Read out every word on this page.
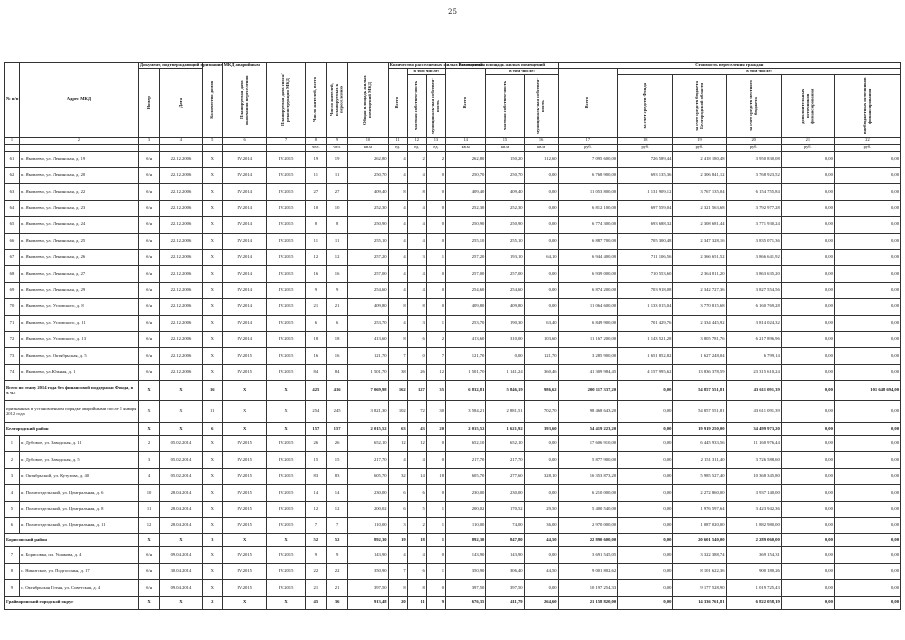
25
№ п/п	Адрес МКД	Документ, подтверждающий признание МКД аварийным		Количество домов	Планируемая дата окончания переселения	Планируемая дата сноса/ реконструкции МКД	Число жителей, всего	Число жителей, планируемых к переселению	Общая площадь жилых помещений МКД	Количество расселяемых жилых помещений			Расселяемая площадь жилых помещений			Стоимость переселения граждан					

		Номер	Дата							Всего	в том числе:		Всего	в том числе:		Всего	в том числе:				

											частная собствен-ность	муниципаль-ная собствен-ность		частная собствен-ность	муниципаль-ная собствен-ность		за счет средств Фонда	за счет средств бюджета Белгородской области	за счет средств местного бюджета	дополнительных источников финансирования	внебюджетных источников финансирования

1	2	3	4	5	6	7	8	9	10	11	12	13	14	15	16	17	18	19	20	21	22
							чел.	чел.	кв.м	ед.	ед.	ед.	кв.м	кв.м	кв.м	руб.	руб.	руб.	руб.	руб.	руб.
61	п. Яковлево, ул. Ленинская, д. 19	б/н	22.12.2006	X	IV.2014	IV.2015	19	19	262,80	4	2	2	262,80	150,20	112,60	7 095 600,00	726 589,44	2 418 180,48	3 950 830,08	0,00	0,00
62	п. Яковлево, ул. Ленинская, д. 20	б/н	22.12.2006	X	IV.2014	IV.2015	11	11	250,70	4	4	0	250,70	250,70	0,00	6 768 900,00	693 135,36	2 306 841,12	3 768 923,52	0,00	0,00
63	п. Яковлево, ул. Ленинская, д. 22	б/н	22.12.2006	X	IV.2014	IV.2015	27	27	409,40	8	8	0	409,40	409,40	0,00	11 053 800,00	1 131 909,12	3 767 135,04	6 154 755,84	0,00	0,00
64	п. Яковлево, ул. Ленинская, д. 23	б/н	22.12.2006	X	IV.2014	IV.2015	10	10	252,30	4	4	0	252,30	252,30	0,00	6 812 100,00	697 559,04	2 321 563,68	3 792 977,28	0,00	0,00
65	п. Яковлево, ул. Ленинская, д. 24	б/н	22.12.2006	X	IV.2014	IV.2015	8	8	250,90	4	4	0	250,90	250,90	0,00	6 774 300,00	693 688,32	2 308 681,44	3 771 930,24	0,00	0,00
66	п. Яковлево, ул. Ленинская, д. 25	б/н	22.12.2006	X	IV.2014	IV.2015	11	11	255,10	4	4	0	255,10	255,10	0,00	6 887 700,00	705 300,48	2 347 328,16	3 835 071,36	0,00	0,00
67	п. Яковлево, ул. Ленинская, д. 26	б/н	22.12.2006	X	IV.2014	IV.2015	12	12	257,20	4	3	1	257,20	193,10	64,10	6 944 400,00	711 106,56	2 366 651,52	3 866 641,92	0,00	0,00
68	п. Яковлево, ул. Ленинская, д. 27	б/н	22.12.2006	X	IV.2014	IV.2015	16	16	257,00	4	4	0	257,00	257,00	0,00	6 939 000,00	710 553,60	2 364 811,20	3 863 635,20	0,00	0,00
69	п. Яковлево, ул. Ленинская, д. 29	б/н	22.12.2006	X	IV.2014	IV.2015	9	9	254,60	4	4	0	254,60	254,60	0,00	6 874 200,00	703 918,08	2 342 727,36	3 827 554,56	0,00	0,00
70	п. Яковлево, ул. Угловского, д. 8	б/н	22.12.2006	X	IV.2014	IV.2015	21	21	409,80	8	8	0	409,80	409,80	0,00	11 064 600,00	1 133 015,04	3 770 815,68	6 160 769,28	0,00	0,00
71	п. Яковлево, ул. Угловского, д. 11	б/н	22.12.2006	X	IV.2014	IV.2015	6	6	253,70	4	3	1	253,70	190,30	63,40	6 849 900,00	701 429,76	2 334 445,92	3 814 024,32	0,00	0,00
72	п. Яковлево, ул. Угловского, д. 13	б/н	22.12.2006	X	IV.2014	IV.2015	18	18	413,60	8	6	2	413,60	310,00	103,60	11 167 200,00	1 143 521,28	3 805 781,76	6 217 896,96	0,00	0,00
73	п. Яковлево, ул. Октябрьская, д. 5	б/н	22.12.2006	X	IV.2015	IV.2015	16	16	121,70	7	0	7	121,70	0,00	121,70	3 285 900,00	1 651 852,82	1 627 248,04	6 799,14	0,00	0,00
74	п. Яковлево, ул.Южная, д. 1	б/н	22.12.2006	X	IV.2015	IV.2015	84	84	1 501,70	38	26	12	1 501,70	1 141,24	360,46	41 309 984,45	4 157 995,62	13 836 378,59	23 315 610,24	0,00	0,00
Всего по этапу 2014 года без финансовой поддержки Фонда, в т. ч.:		X	X	16	X	X	425	416	7 069,98	162	127	35	6 832,81	5 846,19	986,62	200 117 337,20	0,00	54 857 551,81	43 611 091,39	0,00	101 648 694,00
признанных в установленном порядке аварийными после 1 января 2012 года		X	X	11	X	X	254	245	3 821,30	102	72	30	3 584,21	2 881,51	702,70	98 468 643,20	0,00	54 857 551,81	43 611 091,39	0,00	0,00
Белгородский район		X	X	6	X	X	157	157	2 015,52	63	43	20	2 015,52	1 621,92	393,60	54 419 223,20	0,00	19 919 250,00	34 499 973,20	0,00	0,00
1	п. Дубовое, ул. Заводская, д. 11	2	05.02.2014	X	IV.2015	IV.2015	26	26	652,10	12	12	0	652,10	652,10	0,00	17 606 910,00	0,00	6 445 933,56	11 160 976,44	0,00	0,00
2	п. Дубовое, ул. Заводская, д. 5	3	05.02.2014	X	IV.2015	IV.2015	15	15	217,70	4	4	0	217,70	217,70	0,00	5 877 900,00	0,00	2 151 311,40	3 726 588,60	0,00	0,00
3	п. Октябрьский, ул. Кутузова, д. 40	4	05.02.2014	X	IV.2015	IV.2015	83	83	605,70	32	14	18	605,70	277,60	328,10	16 353 873,20	0,00	5 985 527,40	10 368 345,80	0,00	0,00
4	п. Политотдельский, ул. Центральная, д. 6	10	28.04.2014	X	IV.2015	IV.2015	14	14	230,00	6	6	0	230,00	230,00	0,00	6 210 000,00	0,00	2 272 860,00	3 937 140,00	0,00	0,00
5	п. Политотдельский, ул. Центральная, д. 8	11	28.04.2014	X	IV.2015	IV.2015	12	12	200,02	6	5	1	200,02	170,52	29,50	5 400 540,00	0,00	1 976 597,64	3 423 942,36	0,00	0,00
6	п. Политотдельский, ул. Центральная, д. 11	12	28.04.2014	X	IV.2015	IV.2015	7	7	110,00	3	2	1	110,00	74,00	36,00	2 970 000,00	0,00	1 087 020,00	1 882 980,00	0,00	0,00
Борисовский район		X	X	3	X	X	52	52	892,30	19	18	1	892,30	847,80	44,50	22 890 600,00	0,00	20 601 540,00	2 289 060,00	0,00	0,00
7	п. Борисовка, пл. Ушакова, д. 4	б/н	09.04.2014	X	IV.2015	IV.2015	9	9	143,90	4	4	0	143,90	143,90	0,00	3 691 545,05	0,00	3 322 388,74	369 154,31	0,00	0,00
8	с. Никитское, ул. Подгосонья, д. 17	б/н	30.04.2014	X	IV.2015	IV.2015	22	22	350,90	7	6	1	350,90	306,40	44,50	9 001 802,62	0,00	8 101 622,36	900 180,26	0,00	0,00
9	с. Октябрьская Готня, ул. Советская, д. 4	б/н	09.04.2014	X	IV.2015	IV.2015	21	21	397,50	8	8	0	397,50	397,50	0,00	10 197 254,33	0,00	9 177 528,90	1 019 725,43	0,00	0,00
Грайворонский городской округ		X	X	2	X	X	45	36	913,48	20	11	9	676,35	411,79	264,60	21 158 820,00	0,00	14 336 761,81	6 822 058,19	0,00	0,00
